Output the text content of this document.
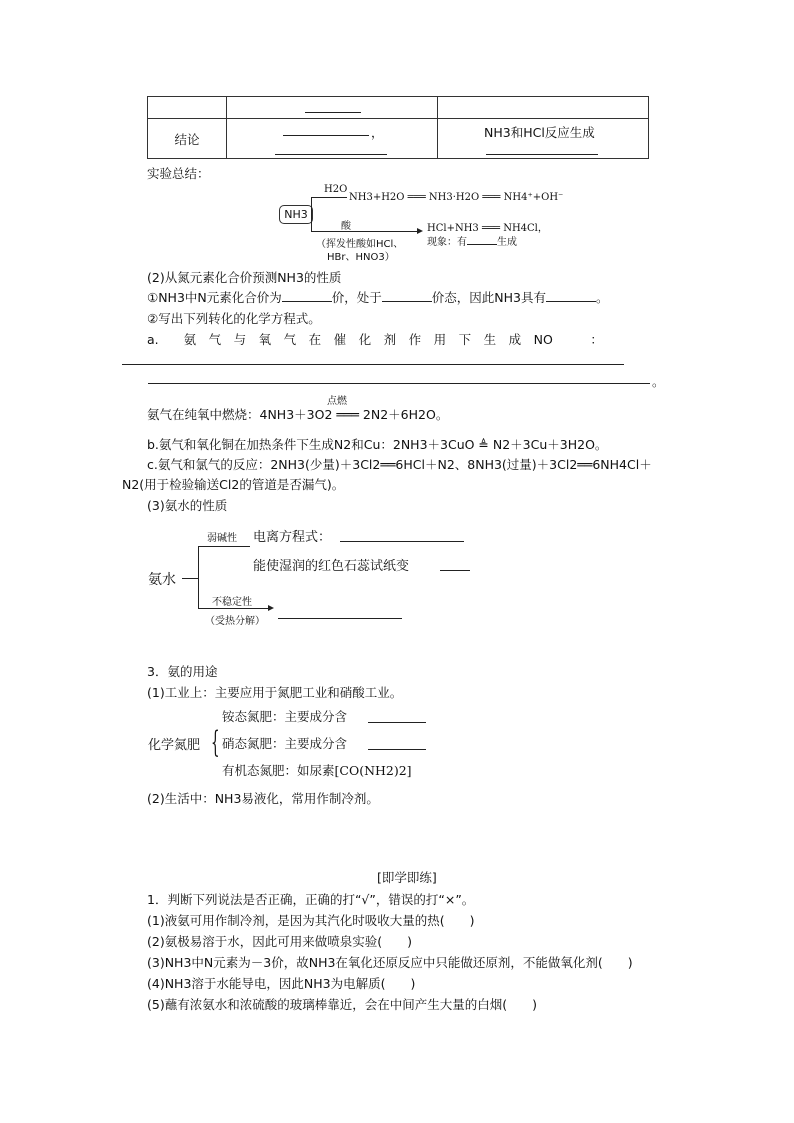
结论	，	NH3和HCl反应生成
实验总结：
NH3
H2O
NH3+H2O ═══ NH3·H2O ═══ NH4⁺+OH⁻
酸
（挥发性酸如HCl、
HBr、HNO3）
HCl+NH3 ═══ NH4Cl，
现象：有	生成
(2)从氮元素化合价预测NH3的性质
①NH3中N元素化合价为	价，处于	价态，因此NH3具有	。
②写出下列转化的化学方程式。
a.　　氨　气　与　氧　气　在　催　化　剂　作　用　下　生　成　NO　　　：
。
点燃
氨气在纯氧中燃烧：4NH3＋3O2 ═══ 2N2＋6H2O。
b.氨气和氧化铜在加热条件下生成N2和Cu：2NH3＋3CuO ≜ N2＋3Cu＋3H2O。
c.氨气和氯气的反应：2NH3(少量)＋3Cl2══6HCl＋N2、8NH3(过量)＋3Cl2══6NH4Cl＋
N2(用于检验输送Cl2的管道是否漏气)。
(3)氨水的性质
弱碱性 电离方程式：
能使湿润的红色石蕊试纸变
氨水
不稳定性
（受热分解）
3．氨的用途
(1)工业上：主要应用于氮肥工业和硝酸工业。
化学氮肥 {
铵态氮肥：主要成分含
硝态氮肥：主要成分含
有机态氮肥：如尿素[CO(NH2)2]
(2)生活中：NH3易液化，常用作制冷剂。
[即学即练]
1．判断下列说法是否正确，正确的打“√”，错误的打“×”。
(1)液氨可用作制冷剂，是因为其汽化时吸收大量的热(　　)
(2)氨极易溶于水，因此可用来做喷泉实验(　　)
(3)NH3中N元素为－3价，故NH3在氧化还原反应中只能做还原剂，不能做氧化剂(　　)
(4)NH3溶于水能导电，因此NH3为电解质(　　)
(5)蘸有浓氨水和浓硫酸的玻璃棒靠近，会在中间产生大量的白烟(　　)
